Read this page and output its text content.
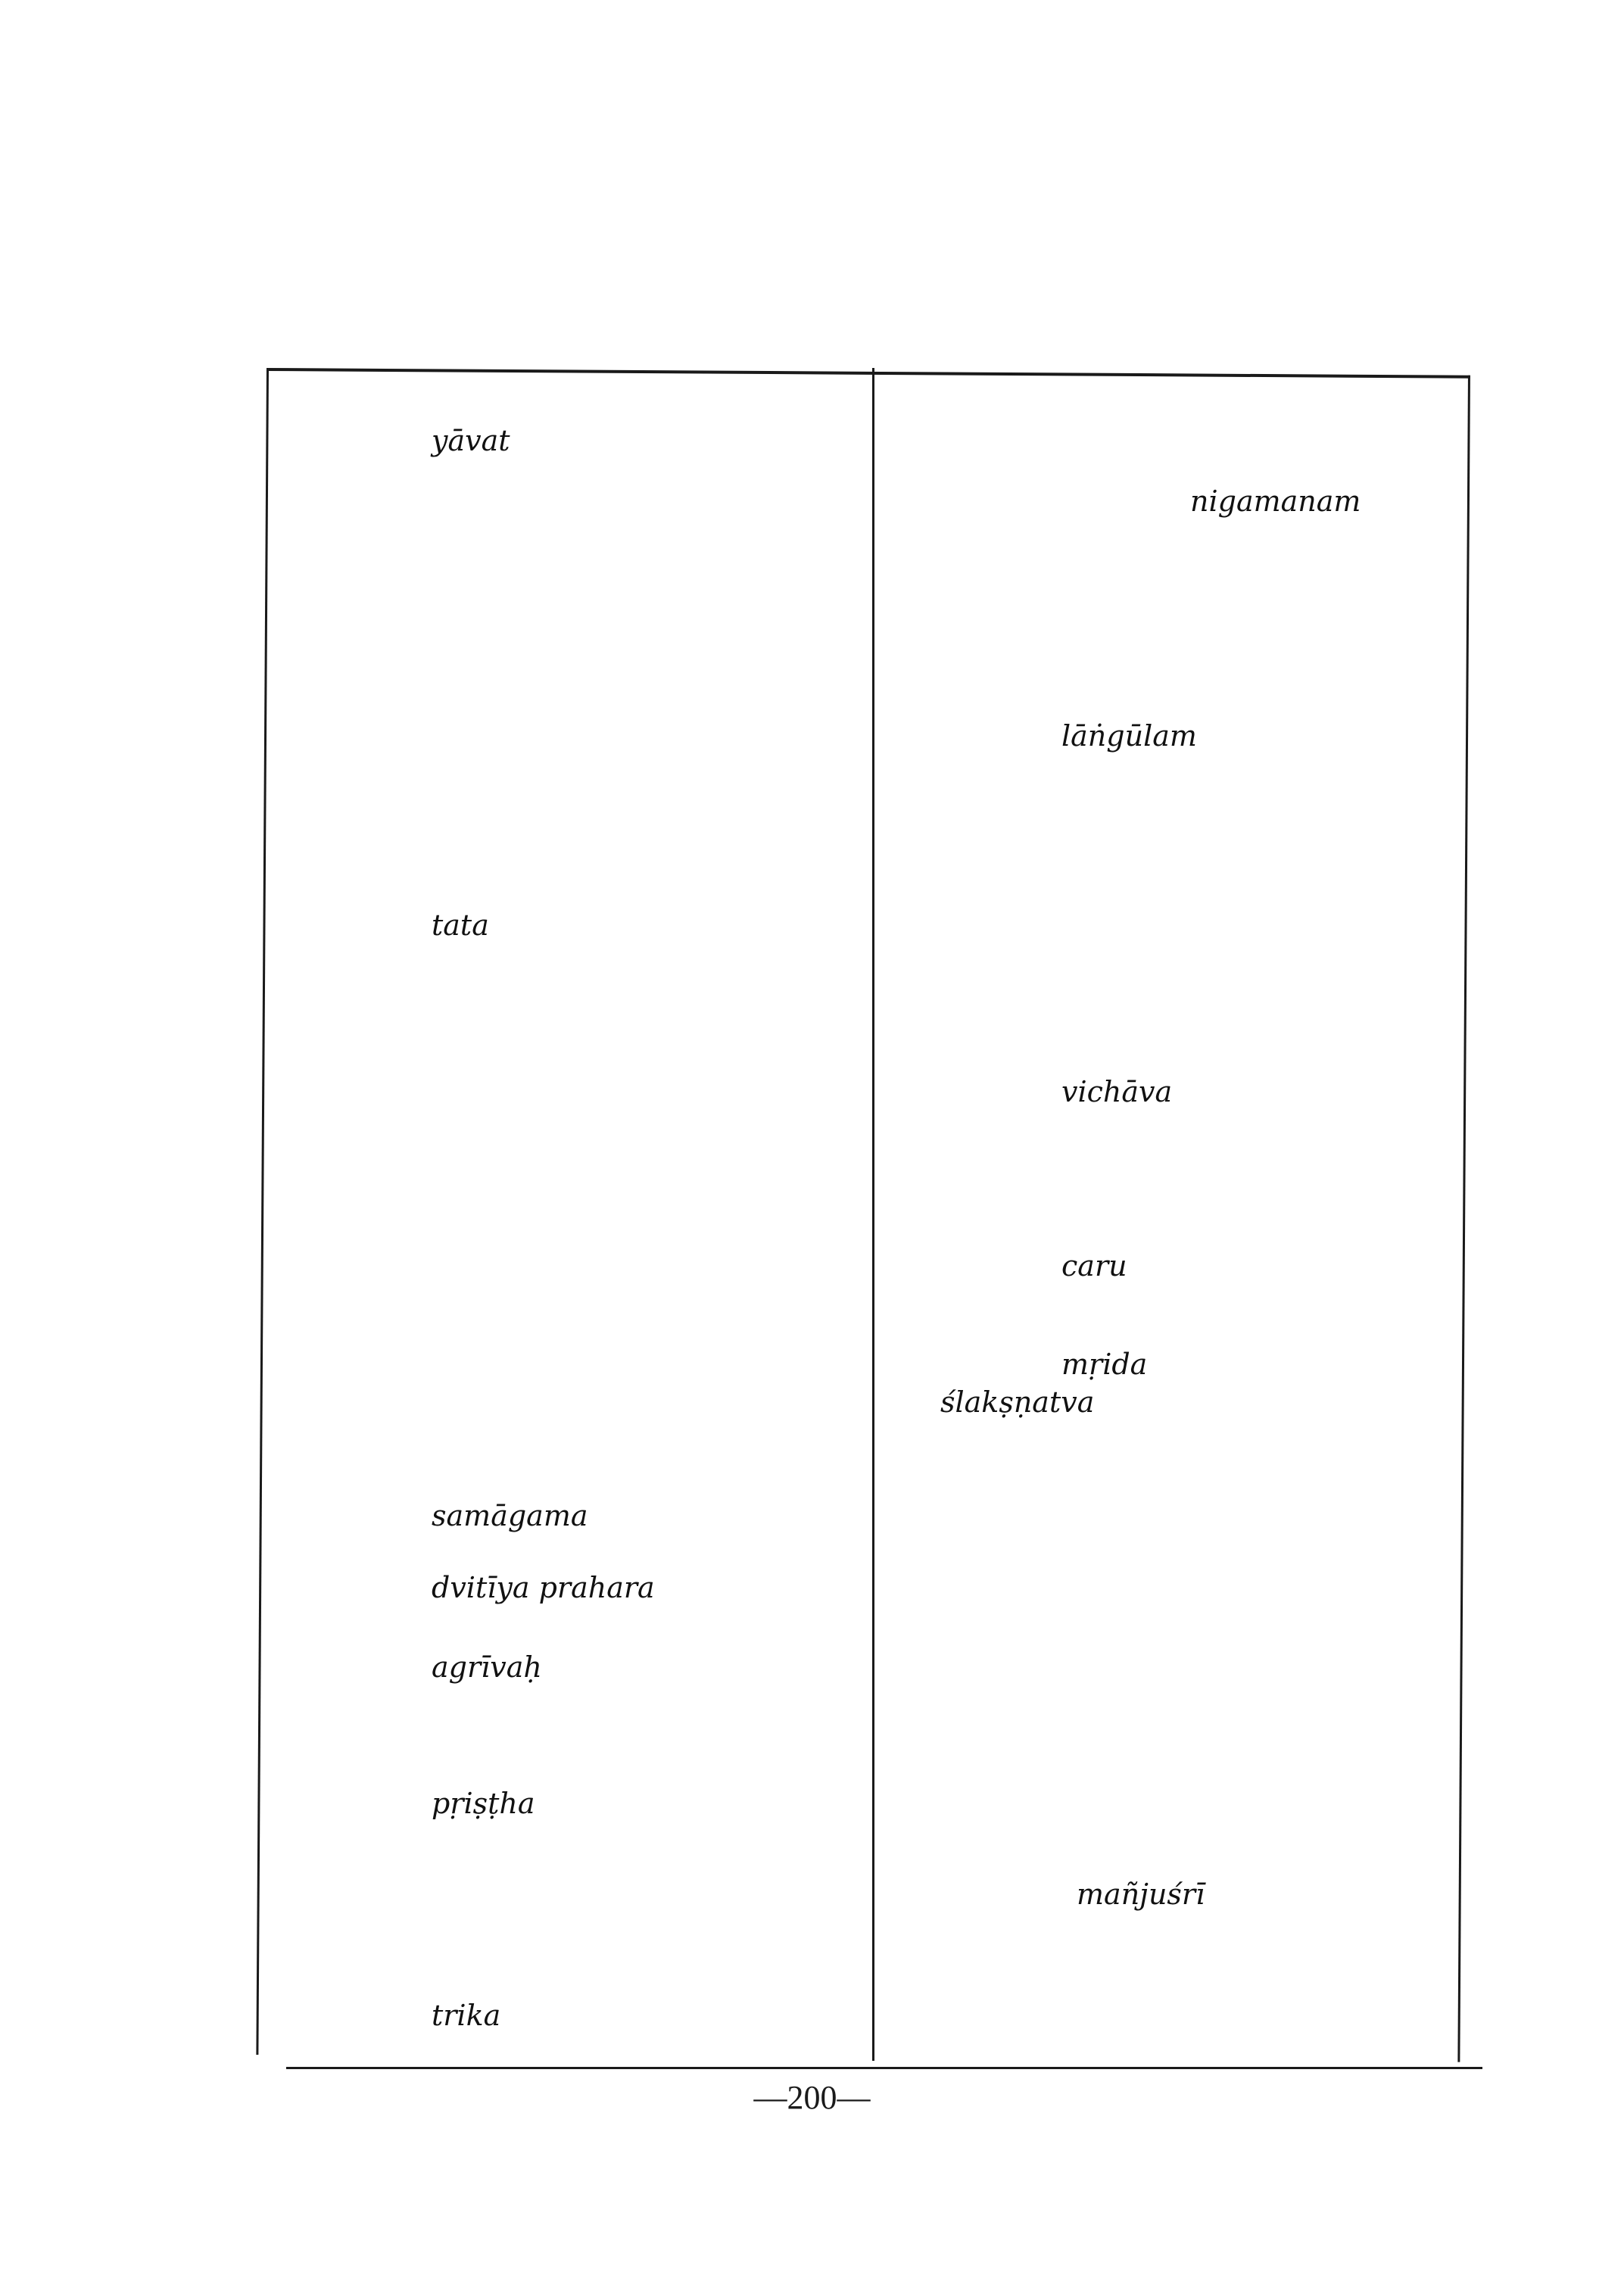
yāvat
tata
samāgama
dvitīya prahara
agrīvaḥ
pṛiṣṭha
trika
nigamanam
lāṅgūlam
vichāva
caru
mṛida
ślakṣṇatva
mañjuśrī
—200—
